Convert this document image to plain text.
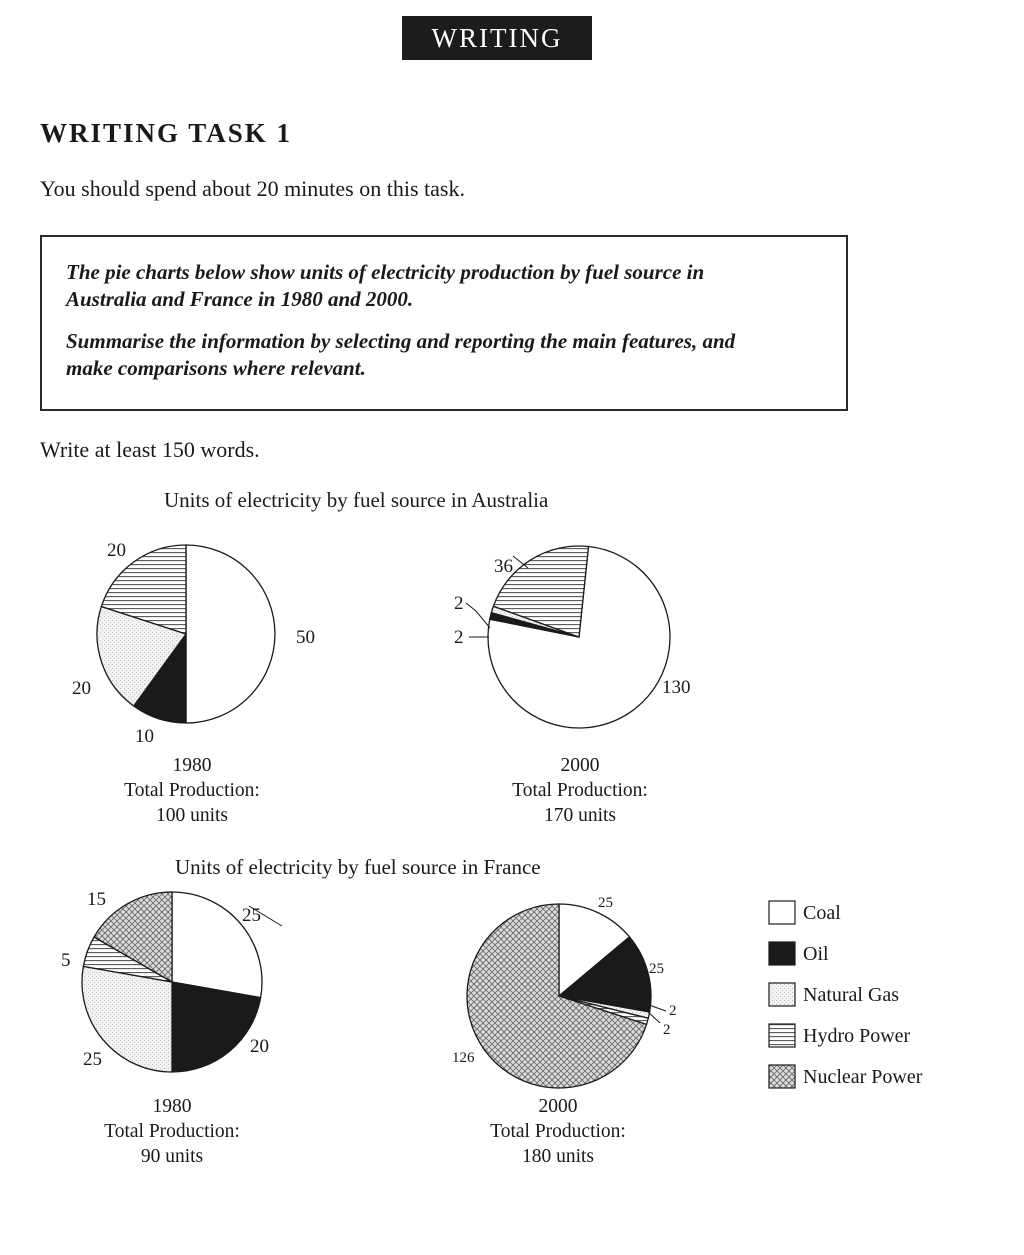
WRITING
WRITING TASK 1

You should spend about 20 minutes on this task.

The pie charts below show units of electricity production by fuel source in
Australia and France in 1980 and 2000.

Summarise the information by selecting and reporting the main features, and
make comparisons where relevant.

Write at least 150 words.

Units of electricity by fuel source in Australia
Units of electricity by fuel source in France
50
10
20
20
130
2
2
36
25
20
25
5
15	25
25
2
2
126
1980
Total Production:
100 units
2000
Total Production:
170 units
1980
Total Production:
90 units
2000
Total Production:
180 units
Coal
Oil
Natural Gas
Hydro Power
Nuclear Power
